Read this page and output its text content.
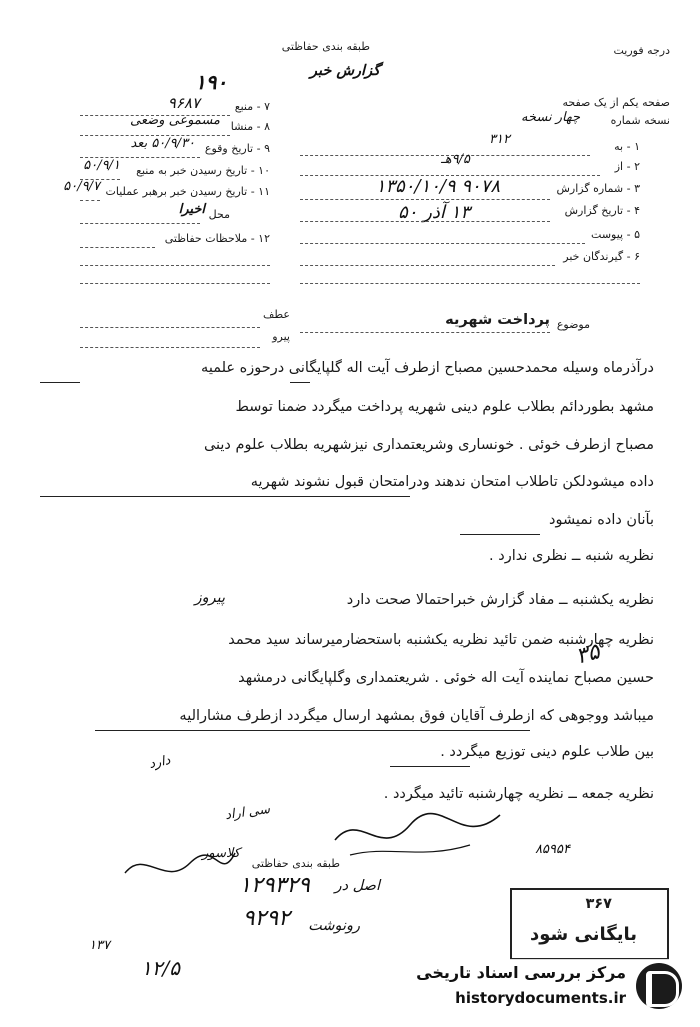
درجه فوریت
طبقه بندی حفاظتی
گزارش خبر
۱۹۰
صفحه یکم از یک صفحه
نسخه شماره
چهار نسخه
۱ - به
۳۱۲
۲ - از
۹/۵هـ
۳ - شماره گزارش
۱۳۵۰/۱۰/۹ ۹۰۷۸
۴ - تاریخ گزارش
۱۳ آذر ۵۰
۵ - پیوست
۶ - گیرندگان خبر
۷ - منبع
۹۶۸۷
۸ - منشا
مسموعی وضعی
۹ - تاریخ وقوع
۵۰/۹/۳۰ بعد
۱۰ - تاریخ رسیدن خبر به منبع
۵۰/۹/۱
۱۱ - تاریخ رسیدن خبر برهبر عملیات
۵۰/۹/۷
محل
اخیرا
۱۲ - ملاحظات حفاظتی
عطف
پیرو
موضوع
پرداخت شهریه
درآذرماه وسیله محمدحسین مصباح ازطرف آیت اله گلپایگانی درحوزه علمیه
مشهد بطوردائم بطلاب علوم دینی شهریه پرداخت میگردد ضمنا توسط
مصباح ازطرف خوئی . خونساری وشریعتمداری نیزشهریه بطلاب علوم دینی
داده میشودلکن تاطلاب امتحان ندهند ودرامتحان قبول نشوند شهریه
بآنان داده نمیشود
نظریه شنبه ــ نظری ندارد .
نظریه یکشنبه ــ مفاد گزارش خبراحتمالا صحت دارد
پیروز
نظریه چهارشنبه ضمن تائید نظریه یکشنبه باستحضارمیرساند سید محمد
حسین مصباح نماینده آیت اله خوئی . شریعتمداری وگلپایگانی درمشهد
میباشد ووجوهی که ازطرف آقایان فوق بمشهد ارسال میگردد ازطرف مشارالیه
بین طلاب علوم دینی توزیع میگردد .
نظریه جمعه ــ نظریه چهارشنبه تائید میگردد .
۳۵
دارد
سی اراد
طبقه بندی حفاظتی
۸۵۹۵۴
کلاسور
اصل در
۱۲۹۳۲۹
رونوشت
۹۲۹۲
۱۳۷
۱۲/۵
۳۶۷
بایگانی شود
مرکز بررسی اسناد تاریخی
historydocuments.ir
